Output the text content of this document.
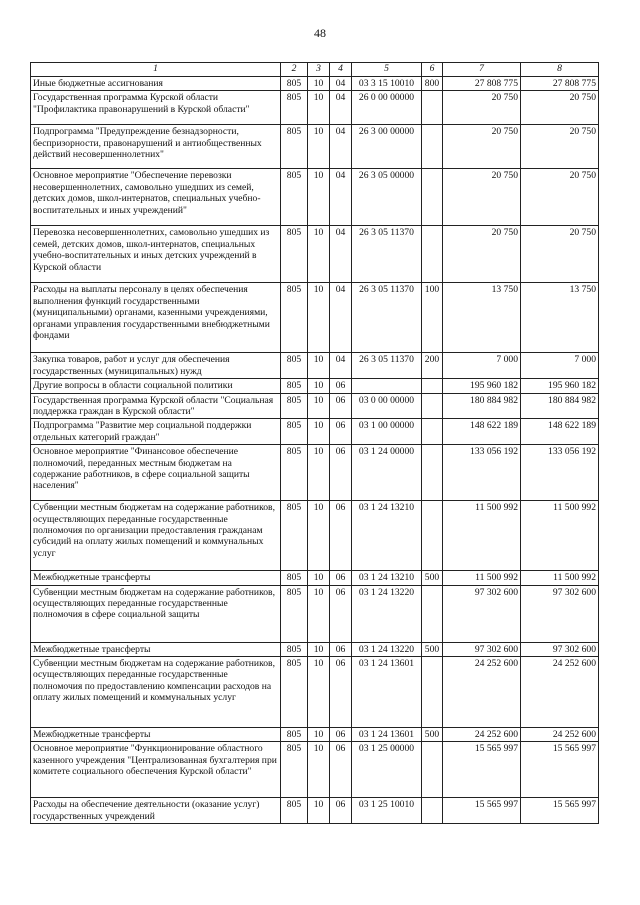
48
1	2	3	4	5	6	7	8
Иные бюджетные ассигнования	805	10	04	03 3 15 10010	800	27 808 775	27 808 775
Государственная программа Курской области "Профилактика правонарушений в Курской области"	805	10	04	26 0 00 00000		20 750	20 750
Подпрограмма "Предупреждение безнадзорности, беспризорности, правонарушений и антиобщественных действий несовершеннолетних"	805	10	04	26 3 00 00000		20 750	20 750
Основное мероприятие "Обеспечение перевозки несовершеннолетних, самовольно ушедших из семей, детских домов, школ-интернатов, специальных учебно-воспитательных и иных учреждений"	805	10	04	26 3 05 00000		20 750	20 750
Перевозка несовершеннолетних, самовольно ушедших из семей, детских домов, школ-интернатов, специальных учебно-воспитательных и иных детских учреждений в Курской области	805	10	04	26 3 05 11370		20 750	20 750
Расходы на выплаты персоналу в целях обеспечения выполнения функций государственными (муниципальными) органами, казенными учреждениями, органами управления государственными внебюджетными фондами	805	10	04	26 3 05 11370	100	13 750	13 750
Закупка товаров, работ и услуг для обеспечения государственных (муниципальных) нужд	805	10	04	26 3 05 11370	200	7 000	7 000
Другие вопросы в области социальной политики	805	10	06			195 960 182	195 960 182
Государственная программа Курской области "Социальная поддержка граждан в Курской области"	805	10	06	03 0 00 00000		180 884 982	180 884 982
Подпрограмма "Развитие мер социальной поддержки отдельных категорий граждан"	805	10	06	03 1 00 00000		148 622 189	148 622 189
Основное мероприятие "Финансовое обеспечение полномочий, переданных местным бюджетам на содержание работников, в сфере социальной защиты населения"	805	10	06	03 1 24 00000		133 056 192	133 056 192
Субвенции местным бюджетам на содержание работников, осуществляющих переданные государственные полномочия по организации предоставления гражданам субсидий на оплату жилых помещений и коммунальных услуг	805	10	06	03 1 24 13210		11 500 992	11 500 992
Межбюджетные трансферты	805	10	06	03 1 24 13210	500	11 500 992	11 500 992
Субвенции местным бюджетам на содержание работников, осуществляющих переданные государственные полномочия в сфере социальной защиты	805	10	06	03 1 24 13220		97 302 600	97 302 600
Межбюджетные трансферты	805	10	06	03 1 24 13220	500	97 302 600	97 302 600
Субвенции местным бюджетам на содержание работников, осуществляющих переданные государственные полномочия по предоставлению компенсации расходов на оплату жилых помещений и коммунальных услуг	805	10	06	03 1 24 13601		24 252 600	24 252 600
Межбюджетные трансферты	805	10	06	03 1 24 13601	500	24 252 600	24 252 600
Основное мероприятие "Функционирование областного казенного учреждения "Централизованная бухгалтерия при комитете социального обеспечения Курской области"	805	10	06	03 1 25 00000		15 565 997	15 565 997
Расходы на обеспечение деятельности (оказание услуг) государственных учреждений	805	10	06	03 1 25 10010		15 565 997	15 565 997
